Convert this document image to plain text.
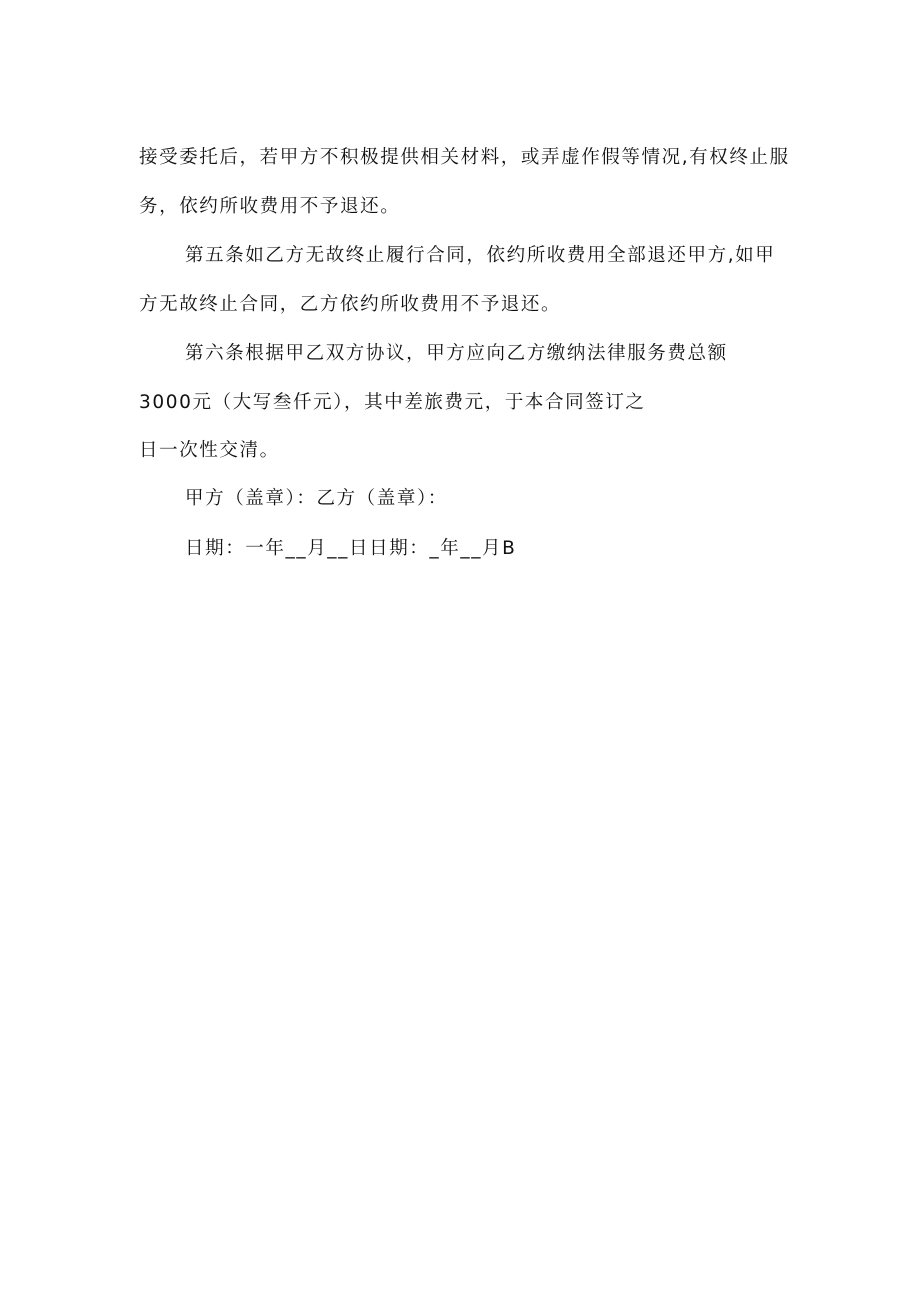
接受委托后，若甲方不积极提供相关材料，或弄虚作假等情况,有权终止服
务，依约所收费用不予退还。
第五条如乙方无故终止履行合同，依约所收费用全部退还甲方,如甲
方无故终止合同，乙方依约所收费用不予退还。
第六条根据甲乙双方协议，甲方应向乙方缴纳法律服务费总额
3000元（大写叁仟元），其中差旅费元，于本合同签订之
日一次性交清。
甲方（盖章）：乙方（盖章）：
日期：一年__月__日日期：_年__月B
